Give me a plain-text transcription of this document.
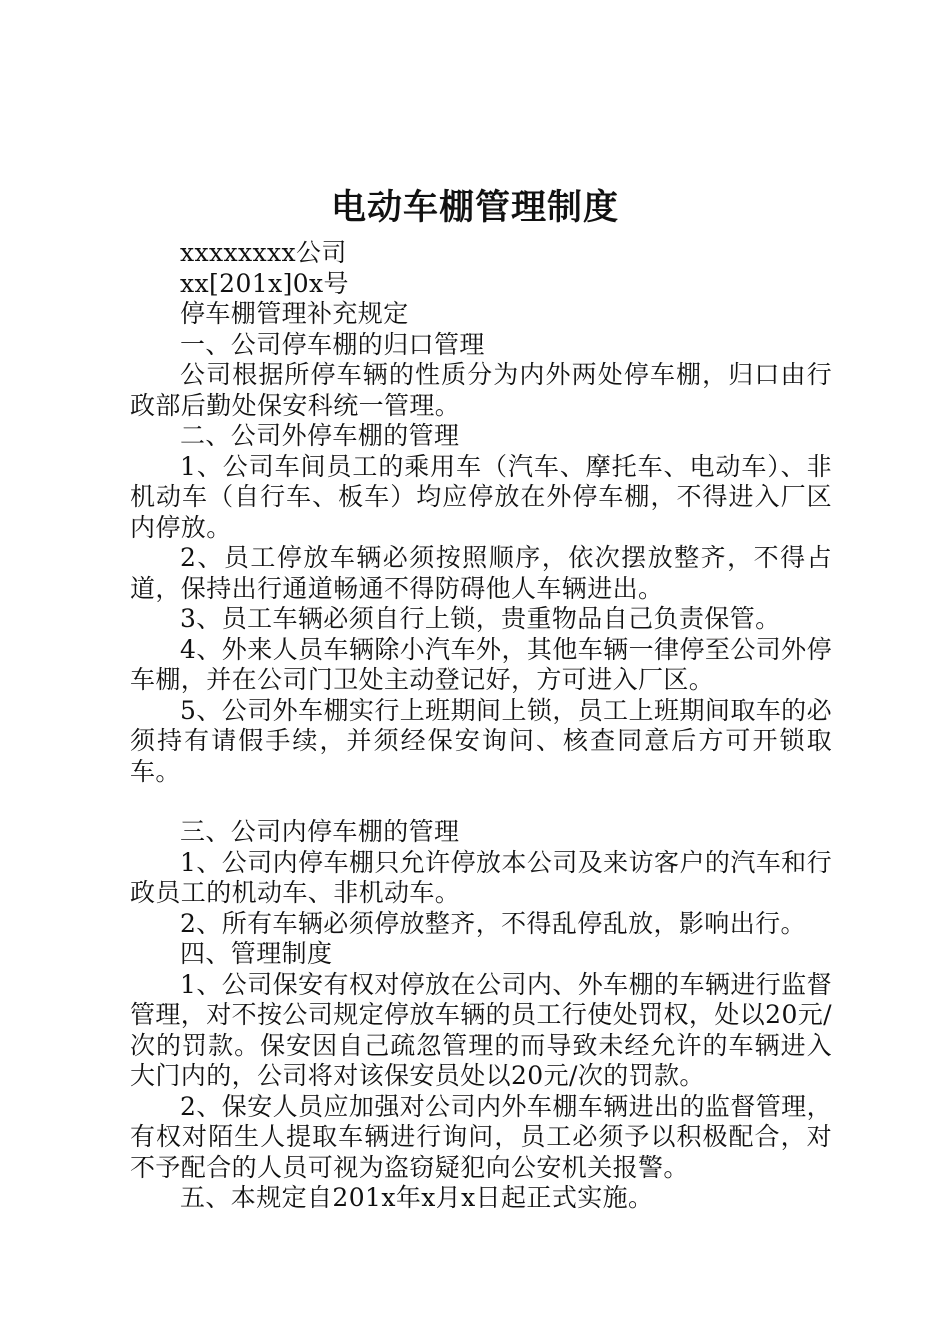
电动车棚管理制度

xxxxxxxx公司

xx[201x]0x号

停车棚管理补充规定

一、公司停车棚的归口管理

公司根据所停车辆的性质分为内外两处停车棚，归口由行政部后勤处保安科统一管理。

二、公司外停车棚的管理

1、公司车间员工的乘用车（汽车、摩托车、电动车）、非机动车（自行车、板车）均应停放在外停车棚，不得进入厂区内停放。

2、员工停放车辆必须按照顺序，依次摆放整齐，不得占道，保持出行通道畅通不得防碍他人车辆进出。

3、员工车辆必须自行上锁，贵重物品自己负责保管。

4、外来人员车辆除小汽车外，其他车辆一律停至公司外停车棚，并在公司门卫处主动登记好，方可进入厂区。

5、公司外车棚实行上班期间上锁，员工上班期间取车的必须持有请假手续，并须经保安询问、核查同意后方可开锁取车。

三、公司内停车棚的管理

1、公司内停车棚只允许停放本公司及来访客户的汽车和行政员工的机动车、非机动车。

2、所有车辆必须停放整齐，不得乱停乱放，影响出行。

四、管理制度

1、公司保安有权对停放在公司内、外车棚的车辆进行监督管理，对不按公司规定停放车辆的员工行使处罚权，处以20元/次的罚款。保安因自己疏忽管理的而导致未经允许的车辆进入大门内的，公司将对该保安员处以20元/次的罚款。

2、保安人员应加强对公司内外车棚车辆进出的监督管理，有权对陌生人提取车辆进行询问，员工必须予以积极配合，对不予配合的人员可视为盗窃疑犯向公安机关报警。

五、本规定自201x年x月x日起正式实施。
